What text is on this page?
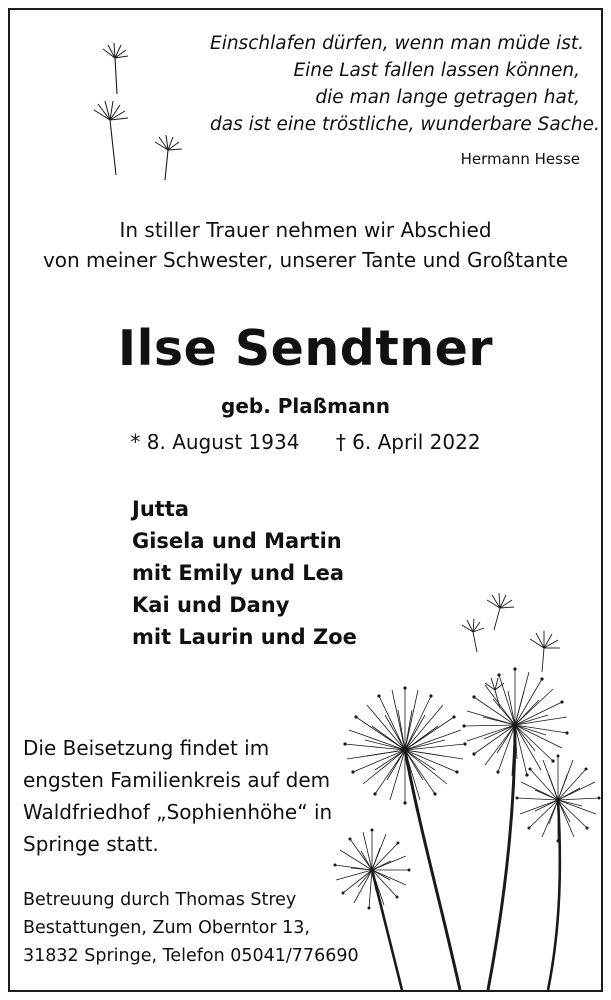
Einschlafen dürfen, wenn man müde ist.
Eine Last fallen lassen können,
die man lange getragen hat,
das ist eine tröstliche, wunderbare Sache.
Hermann Hesse
In stiller Trauer nehmen wir Abschied
von meiner Schwester, unserer Tante und Großtante
Ilse Sendtner
geb. Plaßmann
* 8. August 1934 † 6. April 2022
Jutta
Gisela und Martin
mit Emily und Lea
Kai und Dany
mit Laurin und Zoe
Die Beisetzung findet im
engsten Familienkreis auf dem
Waldfriedhof „Sophienhöhe“ in
Springe statt.
Betreuung durch Thomas Strey
Bestattungen, Zum Oberntor 13,
31832 Springe, Telefon 05041/776690
